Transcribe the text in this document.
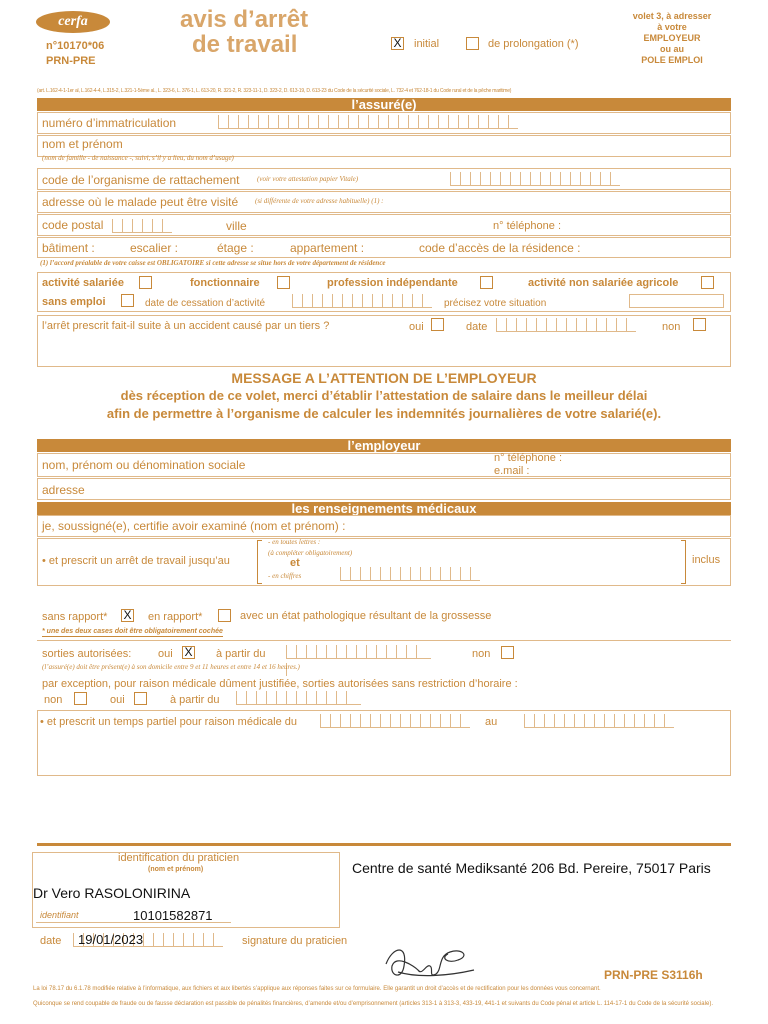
cerfa
n°10170*06
PRN-PRE
avis d’arrêt
de travail	X initial	de prolongation (*)
volet 3, à adresser
à votre
EMPLOYEUR
ou au
POLE EMPLOI
(art. L.162-4-1-1er al, L.162-4-4, L.315-2, L.321-1-5ème al., L. 323-6, L. 376-1, L. 613-20, R. 321-2, R. 323-11-1, D. 323-2, D. 613-19, D. 613-23 du Code de la sécurité sociale, L. 732-4 et 762-18-1 du Code rural et de la pêche maritime)
l’assuré(e)
numéro d’immatriculation
nom et prénom
(nom de famille - de naissance -, suivi, s’il y a lieu, du nom d’usage)
code de l’organisme de rattachement	(voir votre attestation papier Vitale)
adresse où le malade peut être visité (si différente de votre adresse habituelle) (1) :
code postal	ville	n° téléphone :
bâtiment :	escalier :	étage :	appartement :	code d’accès de la résidence :
(1) l’accord préalable de votre caisse est OBLIGATOIRE si cette adresse se situe hors de votre département de résidence
activité salariée	fonctionnaire	profession indépendante	activité non salariée agricole
sans emploi	date de cessation d’activité	précisez votre situation
l’arrêt prescrit fait-il suite à un accident causé par un tiers ?	oui	date	non
MESSAGE A L’ATTENTION DE L’EMPLOYEUR
dès réception de ce volet, merci d’établir l’attestation de salaire dans le meilleur délai
afin de permettre à l’organisme de calculer les indemnités journalières de votre salarié(e).
l’employeur
nom, prénom ou dénomination sociale	n° téléphone :
e.mail :
adresse
les renseignements médicaux
je, soussigné(e), certifie avoir examiné (nom et prénom) :
• et prescrit un arrêt de travail jusqu’au
- en toutes lettres :
(à compléter obligatoirement)
et
- en chiffres
inclus
sans rapport* X en rapport*	avec un état pathologique résultant de la grossesse
* une des deux cases doit être obligatoirement cochée
sorties autorisées: oui X à partir du	non
(l’assuré(e) doit être présent(e) à son domicile entre 9 et 11 heures et entre 14 et 16 heures.)
par exception, pour raison médicale dûment justifiée, sorties autorisées sans restriction d’horaire :
non	oui	à partir du
• et prescrit un temps partiel pour raison médicale du	au
identification du praticien
(nom et prénom)
Dr Vero RASOLONIRINA
identifiant	10101582871
Centre de santé Mediksanté 206 Bd. Pereire, 75017 Paris
date 19/01/2023	signature du praticien
PRN-PRE S3116h
La loi 78.17 du 6.1.78 modifiée relative à l’informatique, aux fichiers et aux libertés s’applique aux réponses faites sur ce formulaire. Elle garantit un droit d’accès et de rectification pour les données vous concernant.
Quiconque se rend coupable de fraude ou de fausse déclaration est passible de pénalités financières, d’amende et/ou d’emprisonnement (articles 313-1 à 313-3, 433-19, 441-1 et suivants du Code pénal et article L. 114-17-1 du Code de la sécurité sociale).
